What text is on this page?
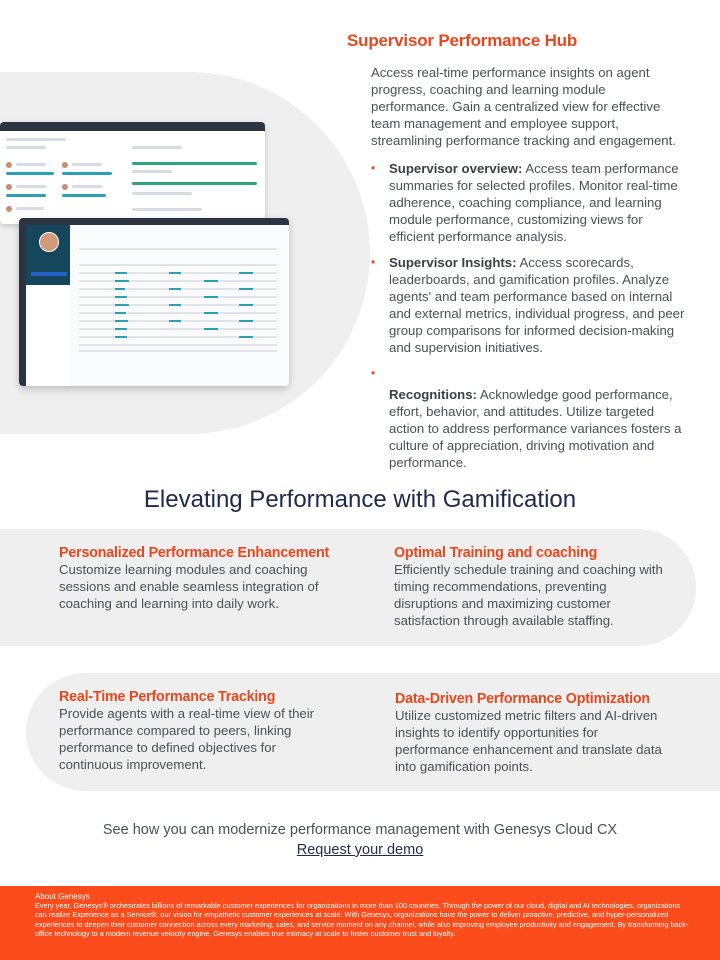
Supervisor Performance Hub
Access real-time performance insights on agent progress, coaching and learning module performance. Gain a centralized view for effective team management and employee support, streamlining performance tracking and engagement.
• Supervisor overview: Access team performance summaries for selected profiles. Monitor real-time adherence, coaching compliance, and learning module performance, customizing views for efficient performance analysis.
• Supervisor Insights: Access scorecards, leaderboards, and gamification profiles. Analyze agents' and team performance based on internal and external metrics, individual progress, and peer group comparisons for informed decision-making and supervision initiatives.
•
Recognitions: Acknowledge good performance, effort, behavior, and attitudes. Utilize targeted action to address performance variances fosters a culture of appreciation, driving motivation and performance.
Elevating Performance with Gamification
Personalized Performance Enhancement
Customize learning modules and coaching sessions and enable seamless integration of coaching and learning into daily work.
Optimal Training and coaching
Efficiently schedule training and coaching with timing recommendations, preventing disruptions and maximizing customer satisfaction through available staffing.
Real-Time Performance Tracking
Provide agents with a real-time view of their performance compared to peers, linking performance to defined objectives for continuous improvement.
Data-Driven Performance Optimization
Utilize customized metric filters and AI-driven insights to identify opportunities for performance enhancement and translate data into gamification points.
See how you can modernize performance management with Genesys Cloud CX
Request your demo
About Genesys
Every year, Genesys® orchestrates billions of remarkable customer experiences for organizations in more than 100 countries. Through the power of our cloud, digital and AI technologies, organizations can realize Experience as a Service®, our vision for empathetic customer experiences at scale. With Genesys, organizations have the power to deliver proactive, predictive, and hyper-personalized experiences to deepen their customer connection across every marketing, sales, and service moment on any channel, while also improving employee productivity and engagement. By transforming back-office technology to a modern revenue velocity engine, Genesys enables true intimacy at scale to foster customer trust and loyalty.
